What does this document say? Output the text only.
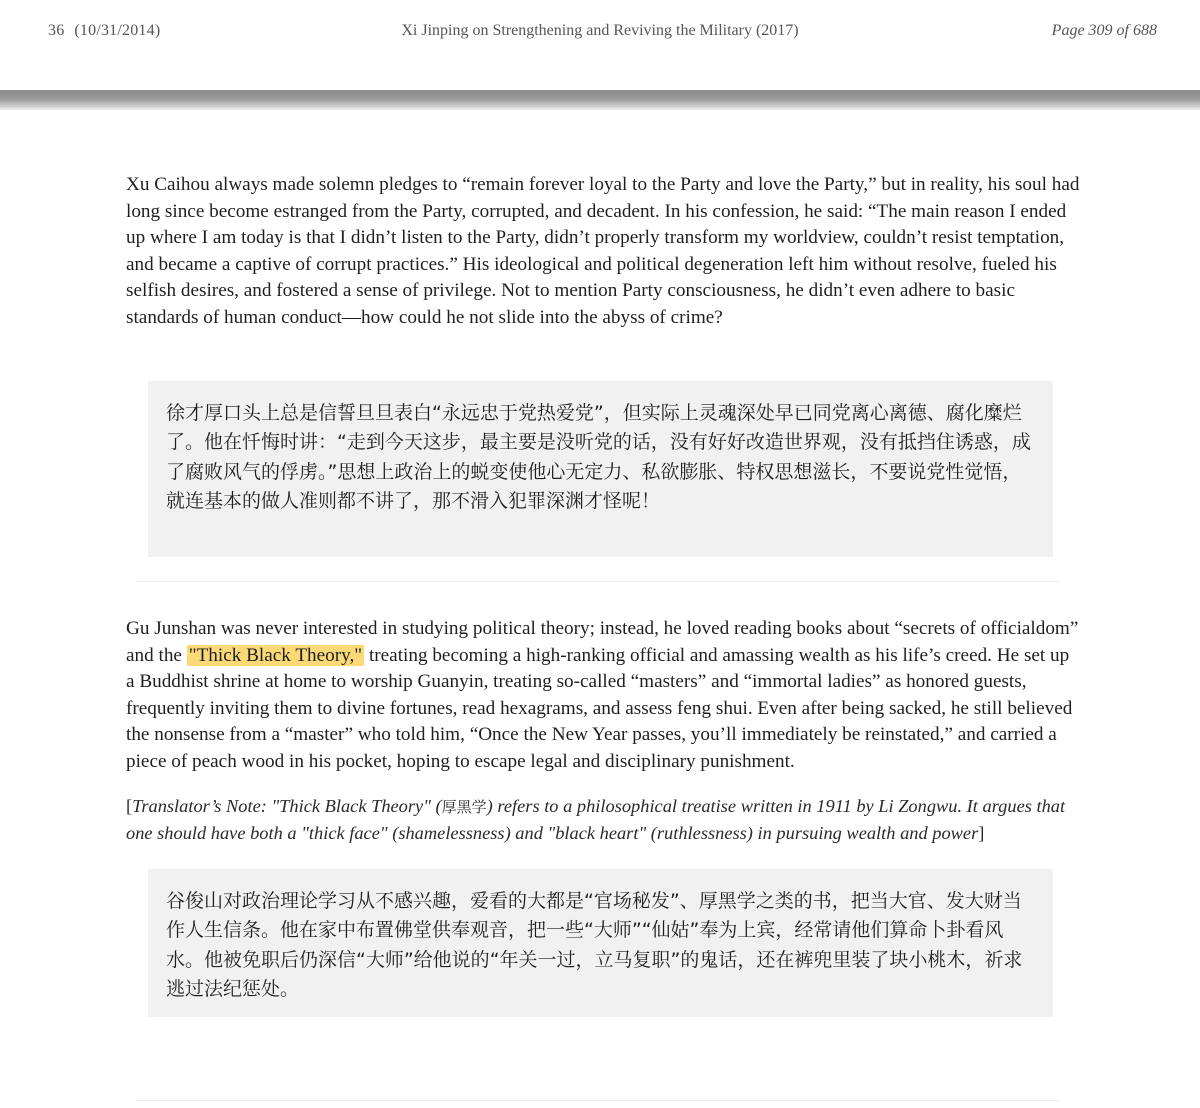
36 (10/31/2014)	Xi Jinping on Strengthening and Reviving the Military (2017)	Page 309 of 688

Xu Caihou always made solemn pledges to “remain forever loyal to the Party and love the Party,” but in reality, his soul had long since become estranged from the Party, corrupted, and decadent. In his confession, he said: “The main reason I ended up where I am today is that I didn’t listen to the Party, didn’t properly transform my worldview, couldn’t resist temptation, and became a captive of corrupt practices.” His ideological and political degeneration left him without resolve, fueled his selfish desires, and fostered a sense of privilege. Not to mention Party consciousness, he didn’t even adhere to basic standards of human conduct—how could he not slide into the abyss of crime?

徐才厚口头上总是信誓旦旦表白“永远忠于党热爱党”，但实际上灵魂深处早已同党离心离德、腐化糜烂了。他在忏悔时讲：“走到今天这步，最主要是没听党的话，没有好好改造世界观，没有抵挡住诱惑，成了腐败风气的俘虏。”思想上政治上的蜕变使他心无定力、私欲膨胀、特权思想滋长，不要说党性觉悟，就连基本的做人准则都不讲了，那不滑入犯罪深渊才怪呢！

Gu Junshan was never interested in studying political theory; instead, he loved reading books about “secrets of officialdom” and the "Thick Black Theory," treating becoming a high-ranking official and amassing wealth as his life’s creed. He set up a Buddhist shrine at home to worship Guanyin, treating so-called “masters” and “immortal ladies” as honored guests, frequently inviting them to divine fortunes, read hexagrams, and assess feng shui. Even after being sacked, he still believed the nonsense from a “master” who told him, “Once the New Year passes, you’ll immediately be reinstated,” and carried a piece of peach wood in his pocket, hoping to escape legal and disciplinary punishment.

[Translator’s Note: "Thick Black Theory" (厚黑学) refers to a philosophical treatise written in 1911 by Li Zongwu. It argues that one should have both a "thick face" (shamelessness) and "black heart" (ruthlessness) in pursuing wealth and power]

谷俊山对政治理论学习从不感兴趣，爱看的大都是“官场秘发”、厚黑学之类的书，把当大官、发大财当作人生信条。他在家中布置佛堂供奉观音，把一些“大师”“仙姑”奉为上宾，经常请他们算命卜卦看风水。他被免职后仍深信“大师”给他说的“年关一过，立马复职”的鬼话，还在裤兜里装了块小桃木，祈求逃过法纪惩处。
